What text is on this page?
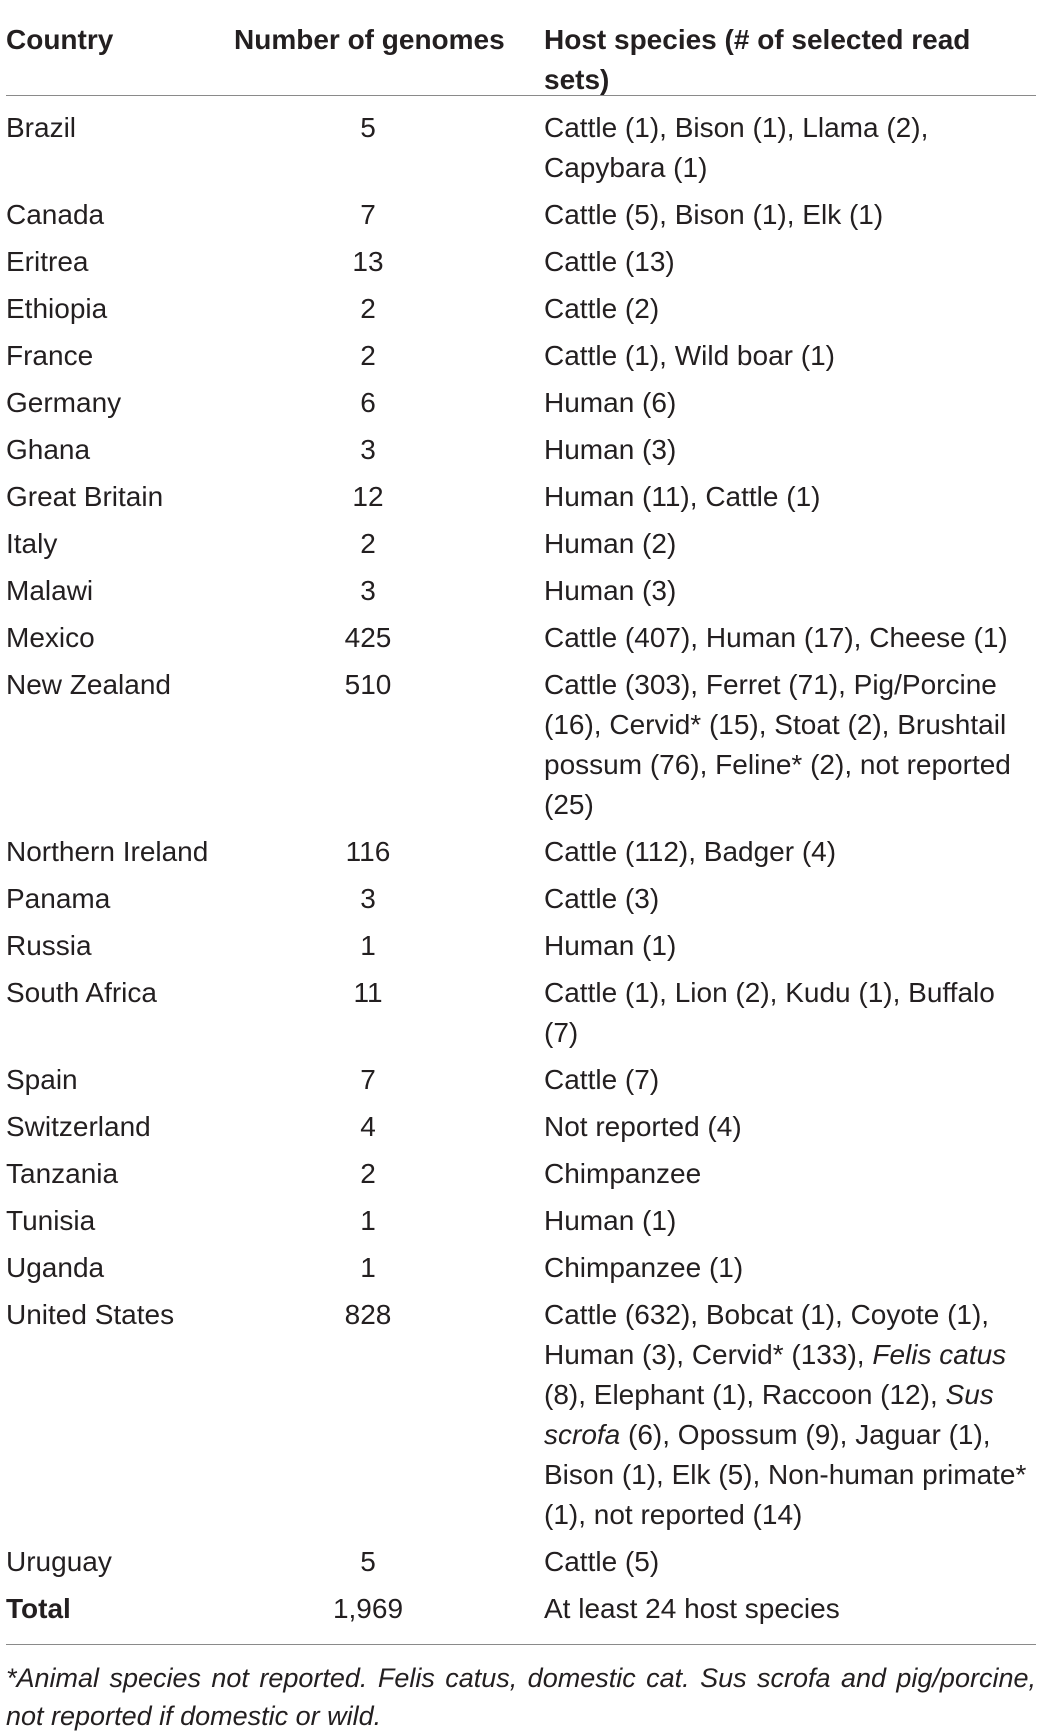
Country	Number of genomes	Host species (# of selected read sets)
Brazil	5	Cattle (1), Bison (1), Llama (2), Capybara (1)
Canada	7	Cattle (5), Bison (1), Elk (1)
Eritrea	13	Cattle (13)
Ethiopia	2	Cattle (2)
France	2	Cattle (1), Wild boar (1)
Germany	6	Human (6)
Ghana	3	Human (3)
Great Britain	12	Human (11), Cattle (1)
Italy	2	Human (2)
Malawi	3	Human (3)
Mexico	425	Cattle (407), Human (17), Cheese (1)
New Zealand	510	Cattle (303), Ferret (71), Pig/Porcine (16), Cervid* (15), Stoat (2), Brushtail possum (76), Feline* (2), not reported (25)
Northern Ireland	116	Cattle (112), Badger (4)
Panama	3	Cattle (3)
Russia	1	Human (1)
South Africa	11	Cattle (1), Lion (2), Kudu (1), Buffalo (7)
Spain	7	Cattle (7)
Switzerland	4	Not reported (4)
Tanzania	2	Chimpanzee
Tunisia	1	Human (1)
Uganda	1	Chimpanzee (1)
United States	828	Cattle (632), Bobcat (1), Coyote (1), Human (3), Cervid* (133), Felis catus (8), Elephant (1), Raccoon (12), Sus scrofa (6), Opossum (9), Jaguar (1), Bison (1), Elk (5), Non-human primate* (1), not reported (14)
Uruguay	5	Cattle (5)
Total	1,969	At least 24 host species
*Animal species not reported. Felis catus, domestic cat. Sus scrofa and pig/porcine, not reported if domestic or wild.
